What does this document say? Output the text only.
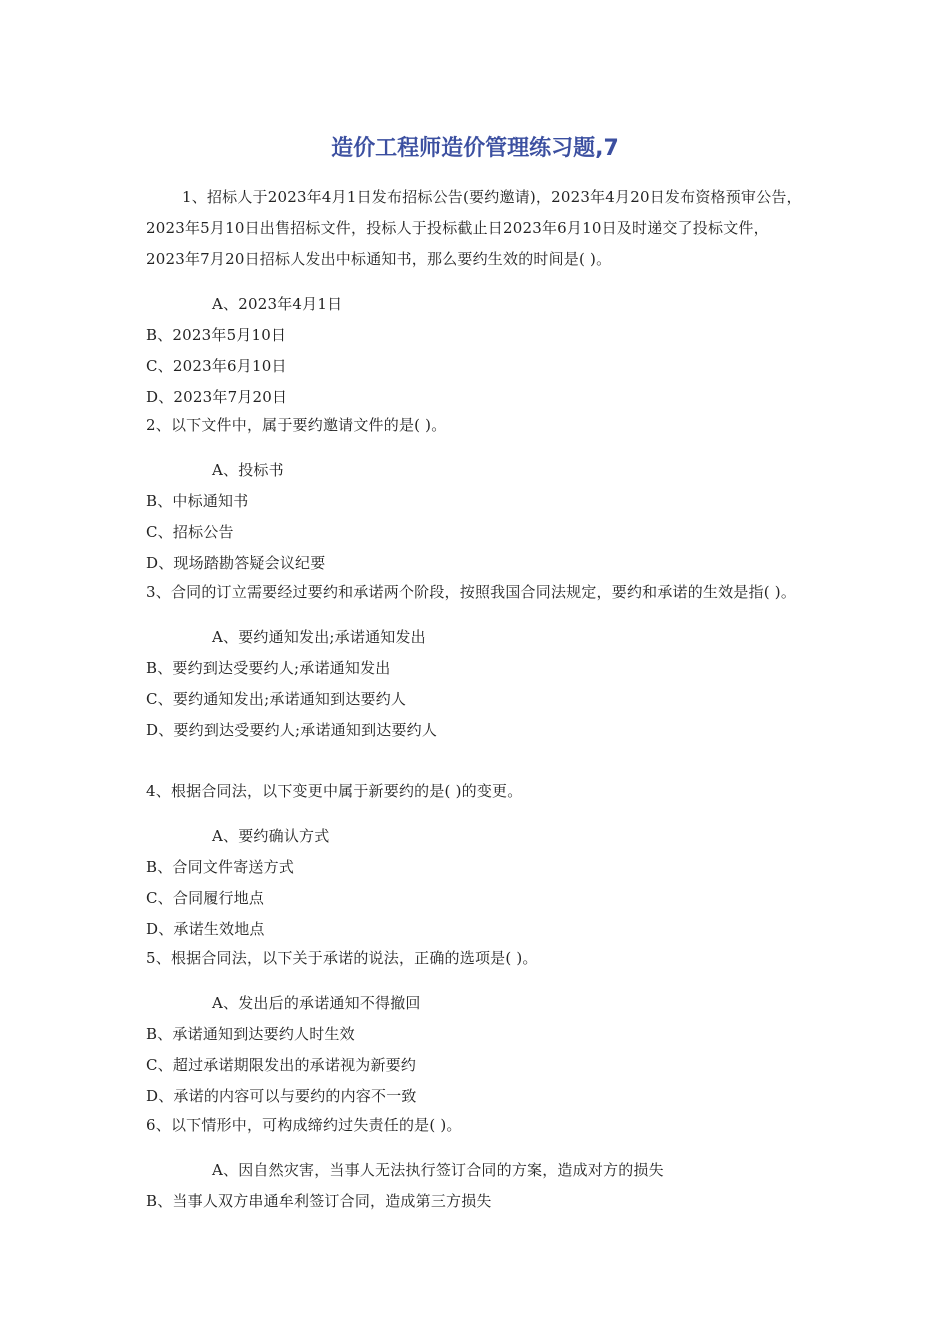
造价工程师造价管理练习题,7

1、招标人于2023年4月1日发布招标公告(要约邀请)，2023年4月20日发布资格预审公告，2023年5月10日出售招标文件，投标人于投标截止日2023年6月10日及时递交了投标文件，2023年7月20日招标人发出中标通知书，那么要约生效的时间是( )。

A、2023年4月1日

B、2023年5月10日

C、2023年6月10日

D、2023年7月20日

2、以下文件中，属于要约邀请文件的是( )。

A、投标书

B、中标通知书

C、招标公告

D、现场踏勘答疑会议纪要

3、合同的订立需要经过要约和承诺两个阶段，按照我国合同法规定，要约和承诺的生效是指( )。

A、要约通知发出;承诺通知发出

B、要约到达受要约人;承诺通知发出

C、要约通知发出;承诺通知到达要约人

D、要约到达受要约人;承诺通知到达要约人

4、根据合同法，以下变更中属于新要约的是( )的变更。

A、要约确认方式

B、合同文件寄送方式

C、合同履行地点

D、承诺生效地点

5、根据合同法，以下关于承诺的说法，正确的选项是( )。

A、发出后的承诺通知不得撤回

B、承诺通知到达要约人时生效

C、超过承诺期限发出的承诺视为新要约

D、承诺的内容可以与要约的内容不一致

6、以下情形中，可构成缔约过失责任的是( )。

A、因自然灾害，当事人无法执行签订合同的方案，造成对方的损失

B、当事人双方串通牟利签订合同，造成第三方损失
